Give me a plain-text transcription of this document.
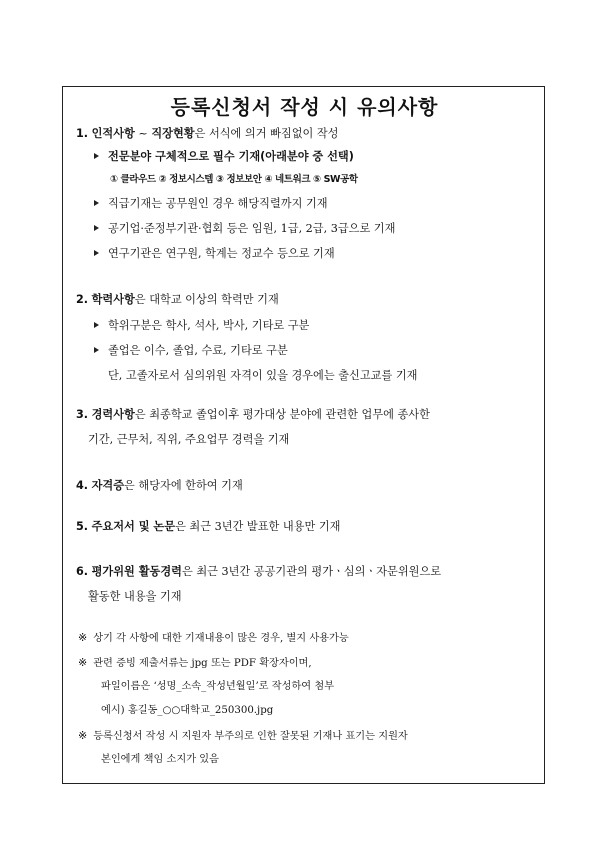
등록신청서 작성 시 유의사항
1. 인적사항 ~ 직장현황은 서식에 의거 빠짐없이 작성
전문분야 구체적으로 필수 기재(아래분야 중 선택)
① 클라우드 ② 정보시스템 ③ 정보보안 ④ 네트워크 ⑤ SW공학
직급기재는 공무원인 경우 해당직렬까지 기재
공기업·준정부기관·협회 등은 임원, 1급, 2급, 3급으로 기재
연구기관은 연구원, 학계는 정교수 등으로 기재
2. 학력사항은 대학교 이상의 학력만 기재
학위구분은 학사, 석사, 박사, 기타로 구분
졸업은 이수, 졸업, 수료, 기타로 구분
단, 고졸자로서 심의위원 자격이 있을 경우에는 출신고교를 기재
3. 경력사항은 최종학교 졸업이후 평가대상 분야에 관련한 업무에 종사한
기간, 근무처, 직위, 주요업무 경력을 기재
4. 자격증은 해당자에 한하여 기재
5. 주요저서 및 논문은 최근 3년간 발표한 내용만 기재
6. 평가위원 활동경력은 최근 3년간 공공기관의 평가ㆍ심의ㆍ자문위원으로
활동한 내용을 기재
※ 상기 각 사항에 대한 기재내용이 많은 경우, 별지 사용가능
※ 관련 증빙 제출서류는 jpg 또는 PDF 확장자이며,
파일이름은 ‘성명_소속_작성년월일’로 작성하여 첨부
예시) 홍길동_○○대학교_250300.jpg
※ 등록신청서 작성 시 지원자 부주의로 인한 잘못된 기재나 표기는 지원자
본인에게 책임 소지가 있음
